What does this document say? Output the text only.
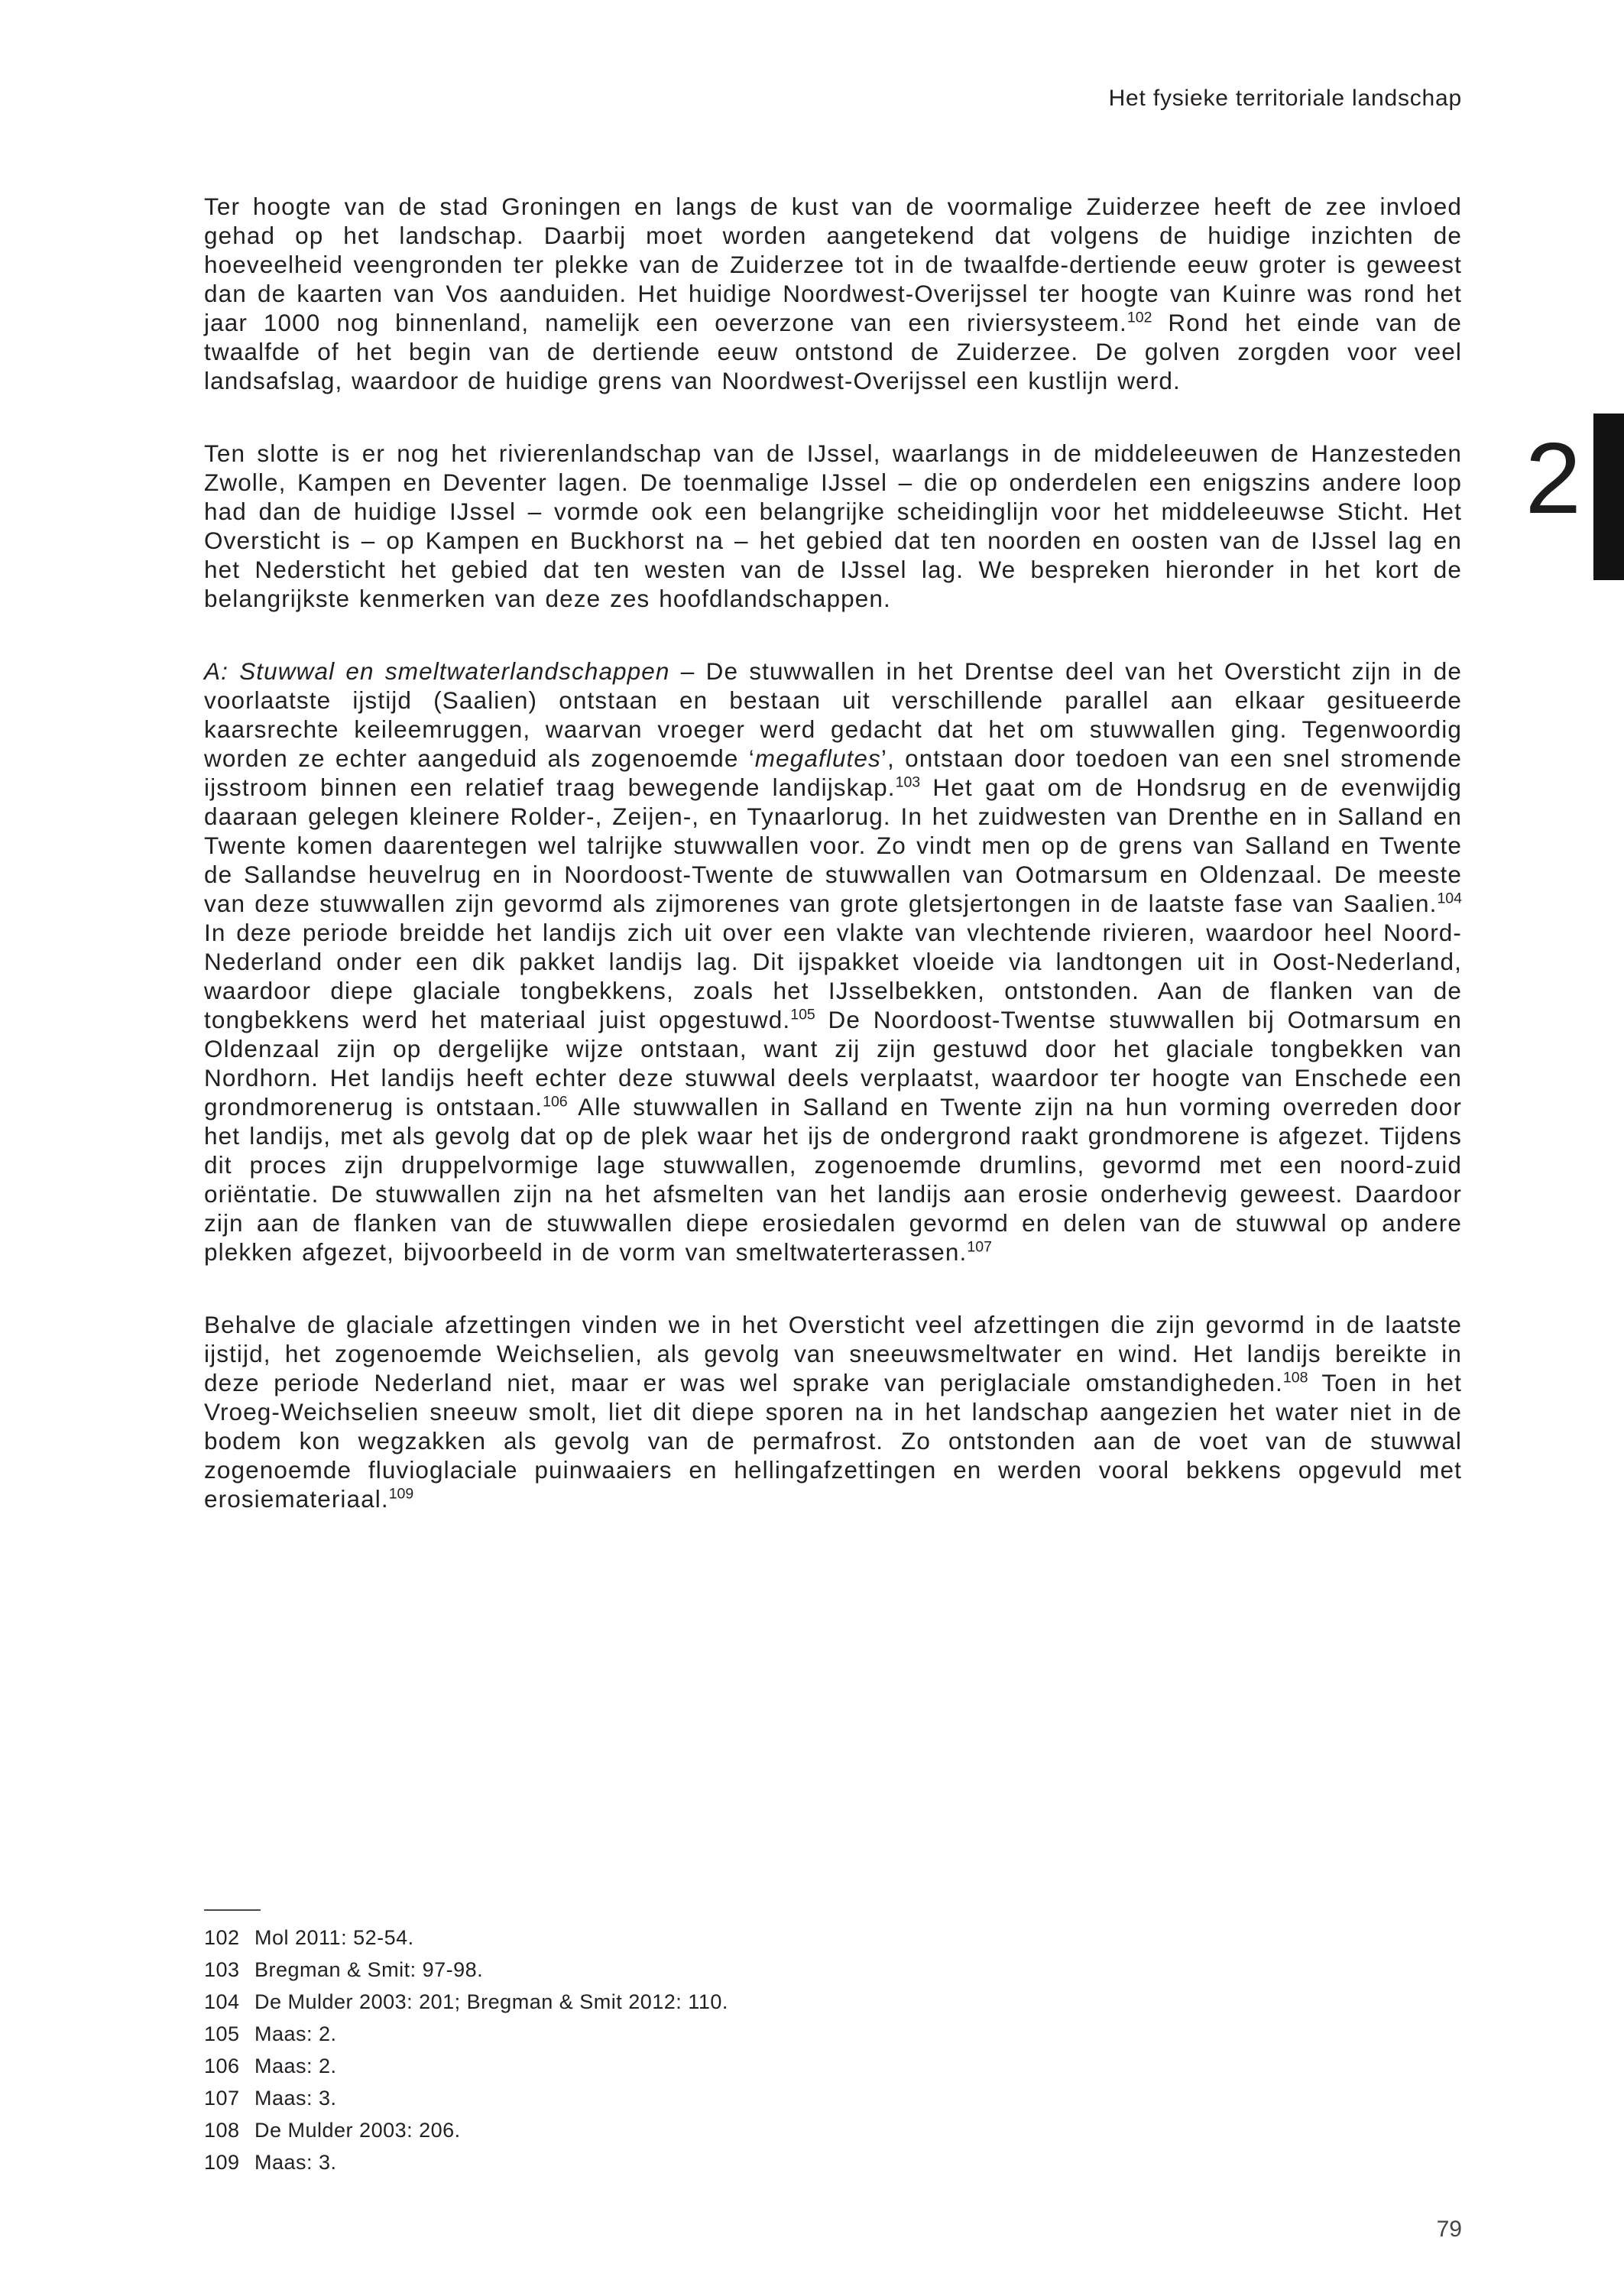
Het fysieke territoriale landschap
2

Ter hoogte van de stad Groningen en langs de kust van de voormalige Zuiderzee heeft de zee invloed gehad op het landschap. Daarbij moet worden aangetekend dat volgens de huidige inzichten de hoeveelheid veengronden ter plekke van de Zuiderzee tot in de twaalfde-dertiende eeuw groter is geweest dan de kaarten van Vos aanduiden. Het huidige Noordwest-Overijssel ter hoogte van Kuinre was rond het jaar 1000 nog binnenland, namelijk een oeverzone van een riviersysteem.$^{102}$ Rond het einde van de twaalfde of het begin van de dertiende eeuw ontstond de Zuiderzee. De golven zorgden voor veel landsafslag, waardoor de huidige grens van Noordwest-Overijssel een kustlijn werd.

Ten slotte is er nog het rivierenlandschap van de IJssel, waarlangs in de middeleeuwen de Hanzesteden Zwolle, Kampen en Deventer lagen. De toenmalige IJssel – die op onderdelen een enigszins andere loop had dan de huidige IJssel – vormde ook een belangrijke scheidinglijn voor het middeleeuwse Sticht. Het Oversticht is – op Kampen en Buckhorst na – het gebied dat ten noorden en oosten van de IJssel lag en het Nedersticht het gebied dat ten westen van de IJssel lag. We bespreken hieronder in het kort de belangrijkste kenmerken van deze zes hoofdlandschappen.

A: Stuwwal en smeltwaterlandschappen – De stuwwallen in het Drentse deel van het Oversticht zijn in de voorlaatste ijstijd (Saalien) ontstaan en bestaan uit verschillende parallel aan elkaar gesitueerde kaarsrechte keileemruggen, waarvan vroeger werd gedacht dat het om stuwwallen ging. Tegenwoordig worden ze echter aangeduid als zogenoemde ‘megaflutes’, ontstaan door toedoen van een snel stromende ijsstroom binnen een relatief traag bewegende landijskap.$^{103}$ Het gaat om de Hondsrug en de evenwijdig daaraan gelegen kleinere Rolder-, Zeijen-, en Tynaarlorug. In het zuidwesten van Drenthe en in Salland en Twente komen daarentegen wel talrijke stuwwallen voor. Zo vindt men op de grens van Salland en Twente de Sallandse heuvelrug en in Noordoost-Twente de stuwwallen van Ootmarsum en Oldenzaal. De meeste van deze stuwwallen zijn gevormd als zijmorenes van grote gletsjertongen in de laatste fase van Saalien.$^{104}$ In deze periode breidde het landijs zich uit over een vlakte van vlechtende rivieren, waardoor heel Noord-Nederland onder een dik pakket landijs lag. Dit ijspakket vloeide via landtongen uit in Oost-Nederland, waardoor diepe glaciale tongbekkens, zoals het IJsselbekken, ontstonden. Aan de flanken van de tongbekkens werd het materiaal juist opgestuwd.$^{105}$ De Noordoost-Twentse stuwwallen bij Ootmarsum en Oldenzaal zijn op dergelijke wijze ontstaan, want zij zijn gestuwd door het glaciale tongbekken van Nordhorn. Het landijs heeft echter deze stuwwal deels verplaatst, waardoor ter hoogte van Enschede een grondmorenerug is ontstaan.$^{106}$ Alle stuwwallen in Salland en Twente zijn na hun vorming overreden door het landijs, met als gevolg dat op de plek waar het ijs de ondergrond raakt grondmorene is afgezet. Tijdens dit proces zijn druppelvormige lage stuwwallen, zogenoemde drumlins, gevormd met een noord-zuid oriëntatie. De stuwwallen zijn na het afsmelten van het landijs aan erosie onderhevig geweest. Daardoor zijn aan de flanken van de stuwwallen diepe erosiedalen gevormd en delen van de stuwwal op andere plekken afgezet, bijvoorbeeld in de vorm van smeltwaterterassen.$^{107}$

Behalve de glaciale afzettingen vinden we in het Oversticht veel afzettingen die zijn gevormd in de laatste ijstijd, het zogenoemde Weichselien, als gevolg van sneeuwsmeltwater en wind. Het landijs bereikte in deze periode Nederland niet, maar er was wel sprake van periglaciale omstandigheden.$^{108}$ Toen in het Vroeg-Weichselien sneeuw smolt, liet dit diepe sporen na in het landschap aangezien het water niet in de bodem kon wegzakken als gevolg van de permafrost. Zo ontstonden aan de voet van de stuwwal zogenoemde fluvioglaciale puinwaaiers en hellingafzettingen en werden vooral bekkens opgevuld met erosiemateriaal.$^{109}$

102 Mol 2011: 52-54.
103 Bregman & Smit: 97-98.
104 De Mulder 2003: 201; Bregman & Smit 2012: 110.
105 Maas: 2.
106 Maas: 2.
107 Maas: 3.
108 De Mulder 2003: 206.
109 Maas: 3.
79
